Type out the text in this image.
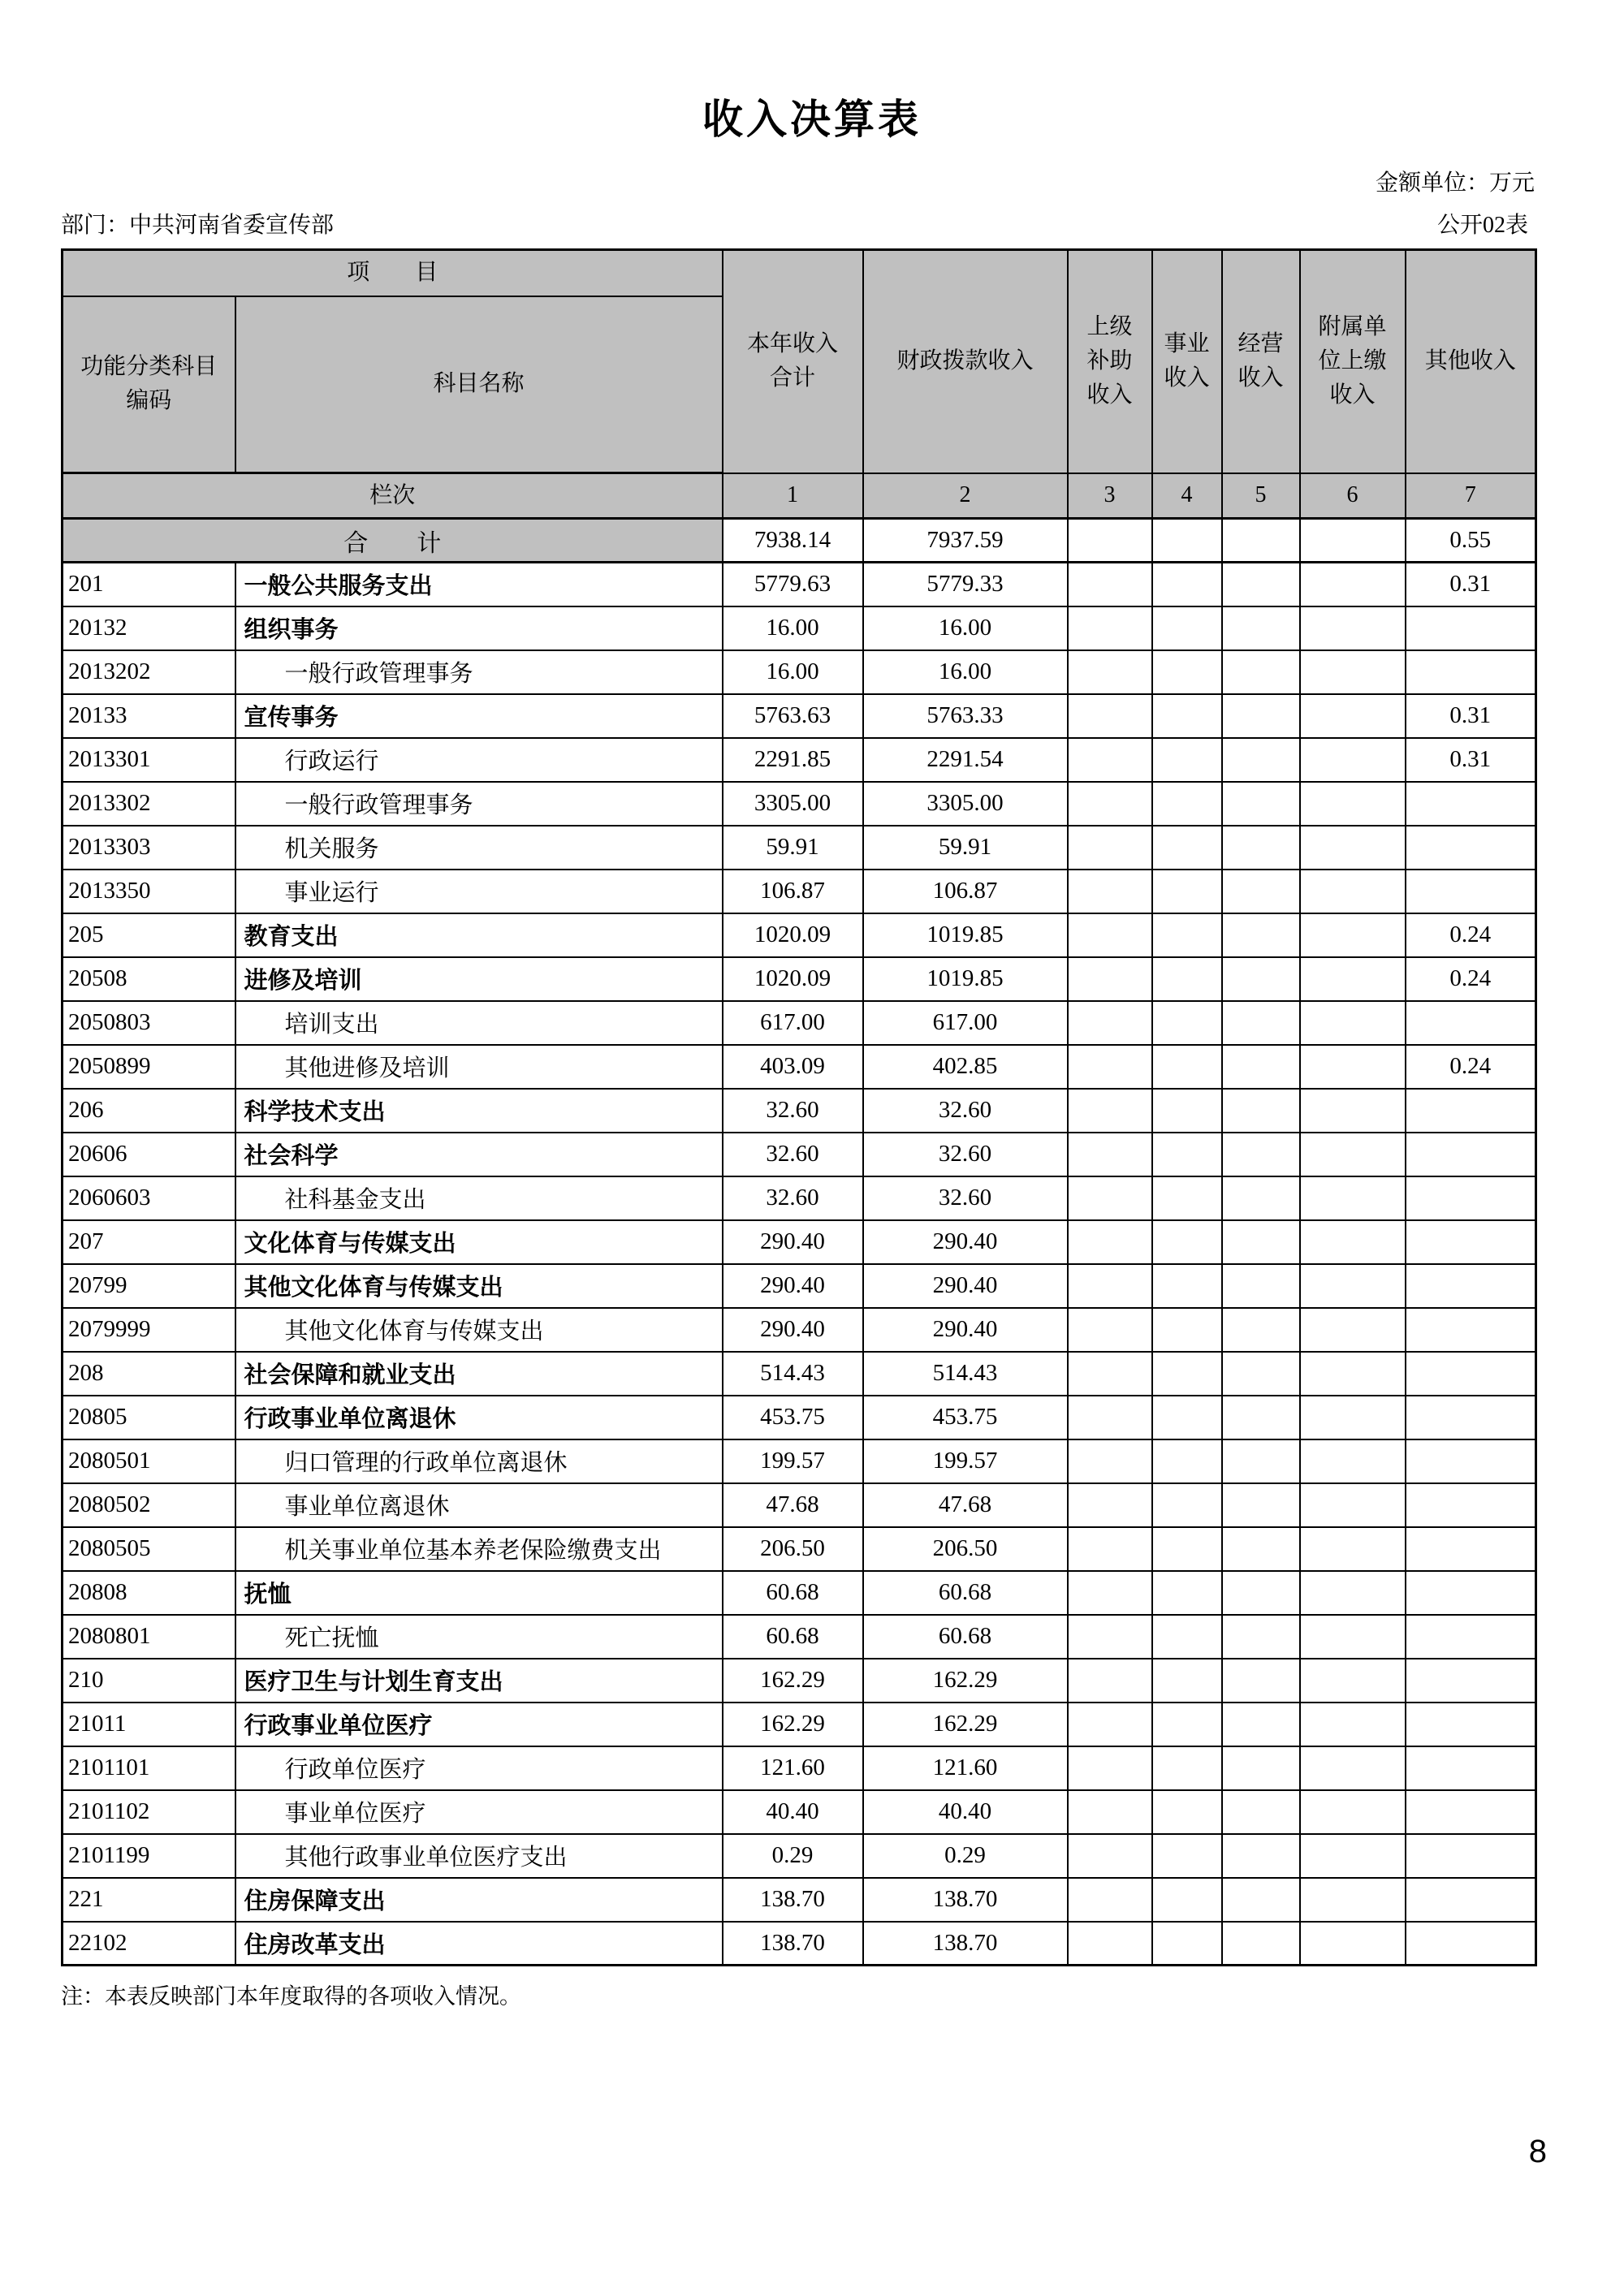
收入决算表
金额单位：万元
部门：中共河南省委宣传部	公开02表
项　　目		本年收入合计	财政拨款收入	上级补助收入	事业收入	经营收入	附属单位上缴收入	其他收入
功能分类科目编码	科目名称							
栏次		1	2	3	4	5	6	7
合　　计		7938.14	7937.59					0.55
201	一般公共服务支出	5779.63	5779.33					0.31
20132	组织事务	16.00	16.00					
2013202	一般行政管理事务	16.00	16.00					
20133	宣传事务	5763.63	5763.33					0.31
2013301	行政运行	2291.85	2291.54					0.31
2013302	一般行政管理事务	3305.00	3305.00					
2013303	机关服务	59.91	59.91					
2013350	事业运行	106.87	106.87					
205	教育支出	1020.09	1019.85					0.24
20508	进修及培训	1020.09	1019.85					0.24
2050803	培训支出	617.00	617.00					
2050899	其他进修及培训	403.09	402.85					0.24
206	科学技术支出	32.60	32.60					
20606	社会科学	32.60	32.60					
2060603	社科基金支出	32.60	32.60					
207	文化体育与传媒支出	290.40	290.40					
20799	其他文化体育与传媒支出	290.40	290.40					
2079999	其他文化体育与传媒支出	290.40	290.40					
208	社会保障和就业支出	514.43	514.43					
20805	行政事业单位离退休	453.75	453.75					
2080501	归口管理的行政单位离退休	199.57	199.57					
2080502	事业单位离退休	47.68	47.68					
2080505	机关事业单位基本养老保险缴费支出	206.50	206.50					
20808	抚恤	60.68	60.68					
2080801	死亡抚恤	60.68	60.68					
210	医疗卫生与计划生育支出	162.29	162.29					
21011	行政事业单位医疗	162.29	162.29					
2101101	行政单位医疗	121.60	121.60					
2101102	事业单位医疗	40.40	40.40					
2101199	其他行政事业单位医疗支出	0.29	0.29					
221	住房保障支出	138.70	138.70					
22102	住房改革支出	138.70	138.70					
注：本表反映部门本年度取得的各项收入情况。
8
